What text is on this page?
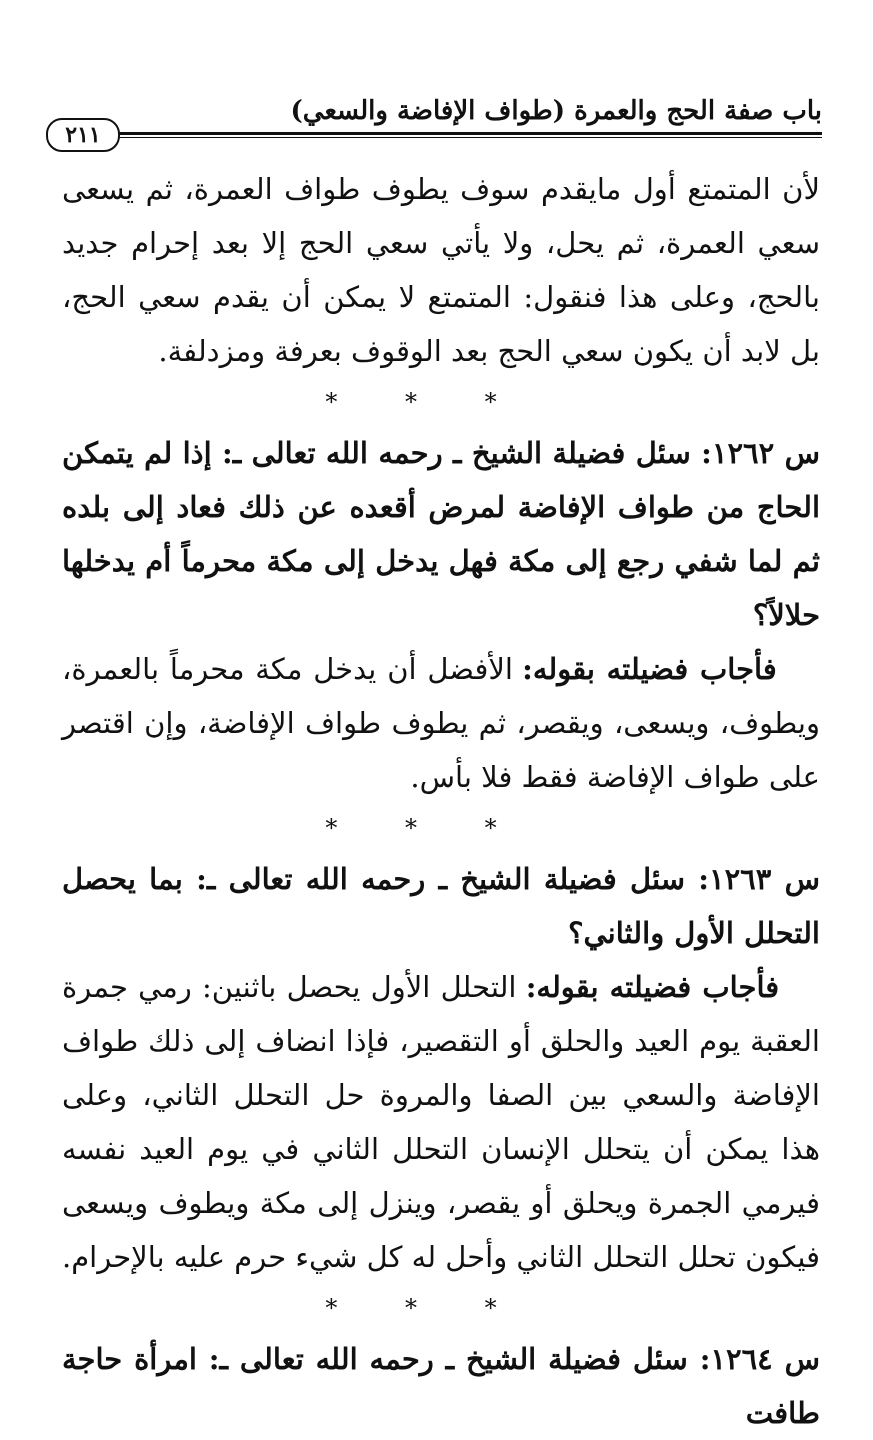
باب صفة الحج والعمرة (طواف الإفاضة والسعي)
٢١١

لأن المتمتع أول مايقدم سوف يطوف طواف العمرة، ثم يسعى سعي العمرة، ثم يحل، ولا يأتي سعي الحج إلا بعد إحرام جديد بالحج، وعلى هذا فنقول: المتمتع لا يمكن أن يقدم سعي الحج، بل لابد أن يكون سعي الحج بعد الوقوف بعرفة ومزدلفة.

* * *

س ١٢٦٢: سئل فضيلة الشيخ ـ رحمه الله تعالى ـ: إذا لم يتمكن الحاج من طواف الإفاضة لمرض أقعده عن ذلك فعاد إلى بلده ثم لما شفي رجع إلى مكة فهل يدخل إلى مكة محرماً أم يدخلها حلالاً؟

فأجاب فضيلته بقوله: الأفضل أن يدخل مكة محرماً بالعمرة، ويطوف، ويسعى، ويقصر، ثم يطوف طواف الإفاضة، وإن اقتصر على طواف الإفاضة فقط فلا بأس.

* * *

س ١٢٦٣: سئل فضيلة الشيخ ـ رحمه الله تعالى ـ: بما يحصل التحلل الأول والثاني؟

فأجاب فضيلته بقوله: التحلل الأول يحصل باثنين: رمي جمرة العقبة يوم العيد والحلق أو التقصير، فإذا انضاف إلى ذلك طواف الإفاضة والسعي بين الصفا والمروة حل التحلل الثاني، وعلى هذا يمكن أن يتحلل الإنسان التحلل الثاني في يوم العيد نفسه فيرمي الجمرة ويحلق أو يقصر، وينزل إلى مكة ويطوف ويسعى فيكون تحلل التحلل الثاني وأحل له كل شيء حرم عليه بالإحرام.

* * *

س ١٢٦٤: سئل فضيلة الشيخ ـ رحمه الله تعالى ـ: امرأة حاجة طافت
